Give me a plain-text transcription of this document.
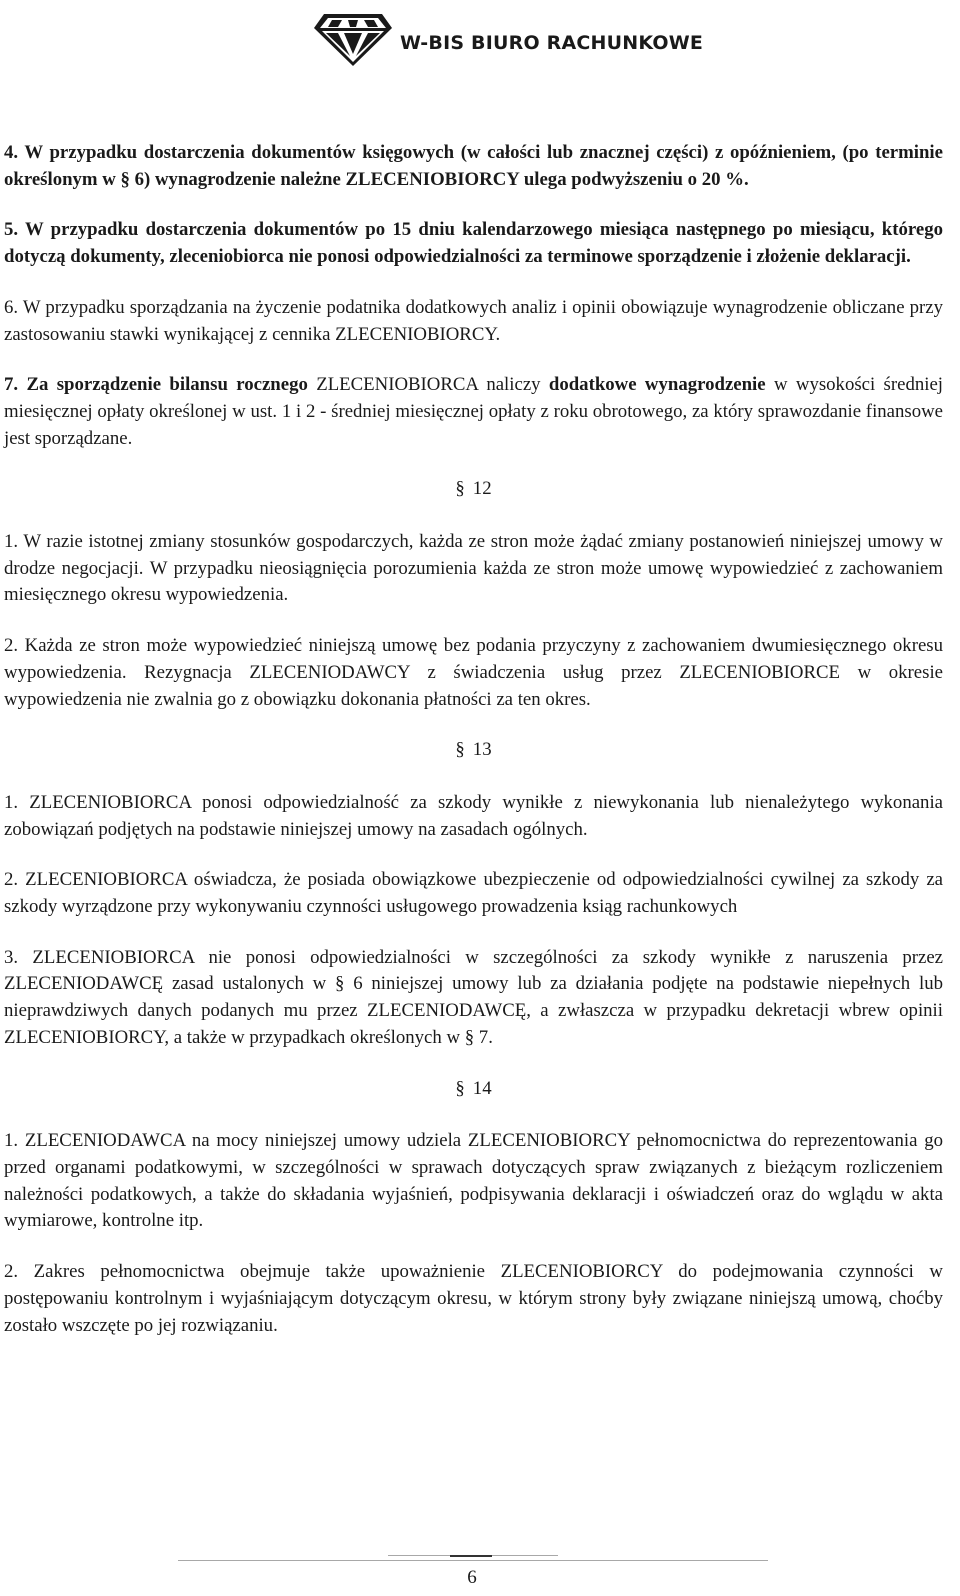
W-BIS BIURO RACHUNKOWE

4. W przypadku dostarczenia dokumentów księgowych (w całości lub znacznej części) z opóźnieniem, (po terminie określonym w § 6) wynagrodzenie należne ZLECENIOBIORCY ulega podwyższeniu o 20 %.

5. W przypadku dostarczenia dokumentów po 15 dniu kalendarzowego miesiąca następnego po miesiącu, którego dotyczą dokumenty, zleceniobiorca nie ponosi odpowiedzialności za terminowe sporządzenie i złożenie deklaracji.

6. W przypadku sporządzania na życzenie podatnika dodatkowych analiz i opinii obowiązuje wynagrodzenie obliczane przy zastosowaniu stawki wynikającej z cennika ZLECENIOBIORCY.

7. Za sporządzenie bilansu rocznego ZLECENIOBIORCA naliczy dodatkowe wynagrodzenie w wysokości średniej miesięcznej opłaty określonej w ust. 1 i 2 - średniej miesięcznej opłaty z roku obrotowego, za który sprawozdanie finansowe jest sporządzane.

§ 12

1. W razie istotnej zmiany stosunków gospodarczych, każda ze stron może żądać zmiany postanowień niniejszej umowy w drodze negocjacji. W przypadku nieosiągnięcia porozumienia każda ze stron może umowę wypowiedzieć z zachowaniem miesięcznego okresu wypowiedzenia.

2. Każda ze stron może wypowiedzieć niniejszą umowę bez podania przyczyny z zachowaniem dwumiesięcznego okresu wypowiedzenia. Rezygnacja ZLECENIODAWCY z świadczenia usług przez ZLECENIOBIORCE w okresie wypowiedzenia nie zwalnia go z obowiązku dokonania płatności za ten okres.

§ 13

1. ZLECENIOBIORCA ponosi odpowiedzialność za szkody wynikłe z niewykonania lub nienależytego wykonania zobowiązań podjętych na podstawie niniejszej umowy na zasadach ogólnych.

2. ZLECENIOBIORCA oświadcza, że posiada obowiązkowe ubezpieczenie od odpowiedzialności cywilnej za szkody za szkody wyrządzone przy wykonywaniu czynności usługowego prowadzenia ksiąg rachunkowych

3. ZLECENIOBIORCA nie ponosi odpowiedzialności w szczególności za szkody wynikłe z naruszenia przez ZLECENIODAWCĘ zasad ustalonych w § 6 niniejszej umowy lub za działania podjęte na podstawie niepełnych lub nieprawdziwych danych podanych mu przez ZLECENIODAWCĘ, a zwłaszcza w przypadku dekretacji wbrew opinii ZLECENIOBIORCY, a także w przypadkach określonych w § 7.

§ 14

1. ZLECENIODAWCA na mocy niniejszej umowy udziela ZLECENIOBIORCY pełnomocnictwa do reprezentowania go przed organami podatkowymi, w szczególności w sprawach dotyczących spraw związanych z bieżącym rozliczeniem należności podatkowych, a także do składania wyjaśnień, podpisywania deklaracji i oświadczeń oraz do wglądu w akta wymiarowe, kontrolne itp.

2. Zakres pełnomocnictwa obejmuje także upoważnienie ZLECENIOBIORCY do podejmowania czynności w postępowaniu kontrolnym i wyjaśniającym dotyczącym okresu, w którym strony były związane niniejszą umową, choćby zostało wszczęte po jej rozwiązaniu.

6
